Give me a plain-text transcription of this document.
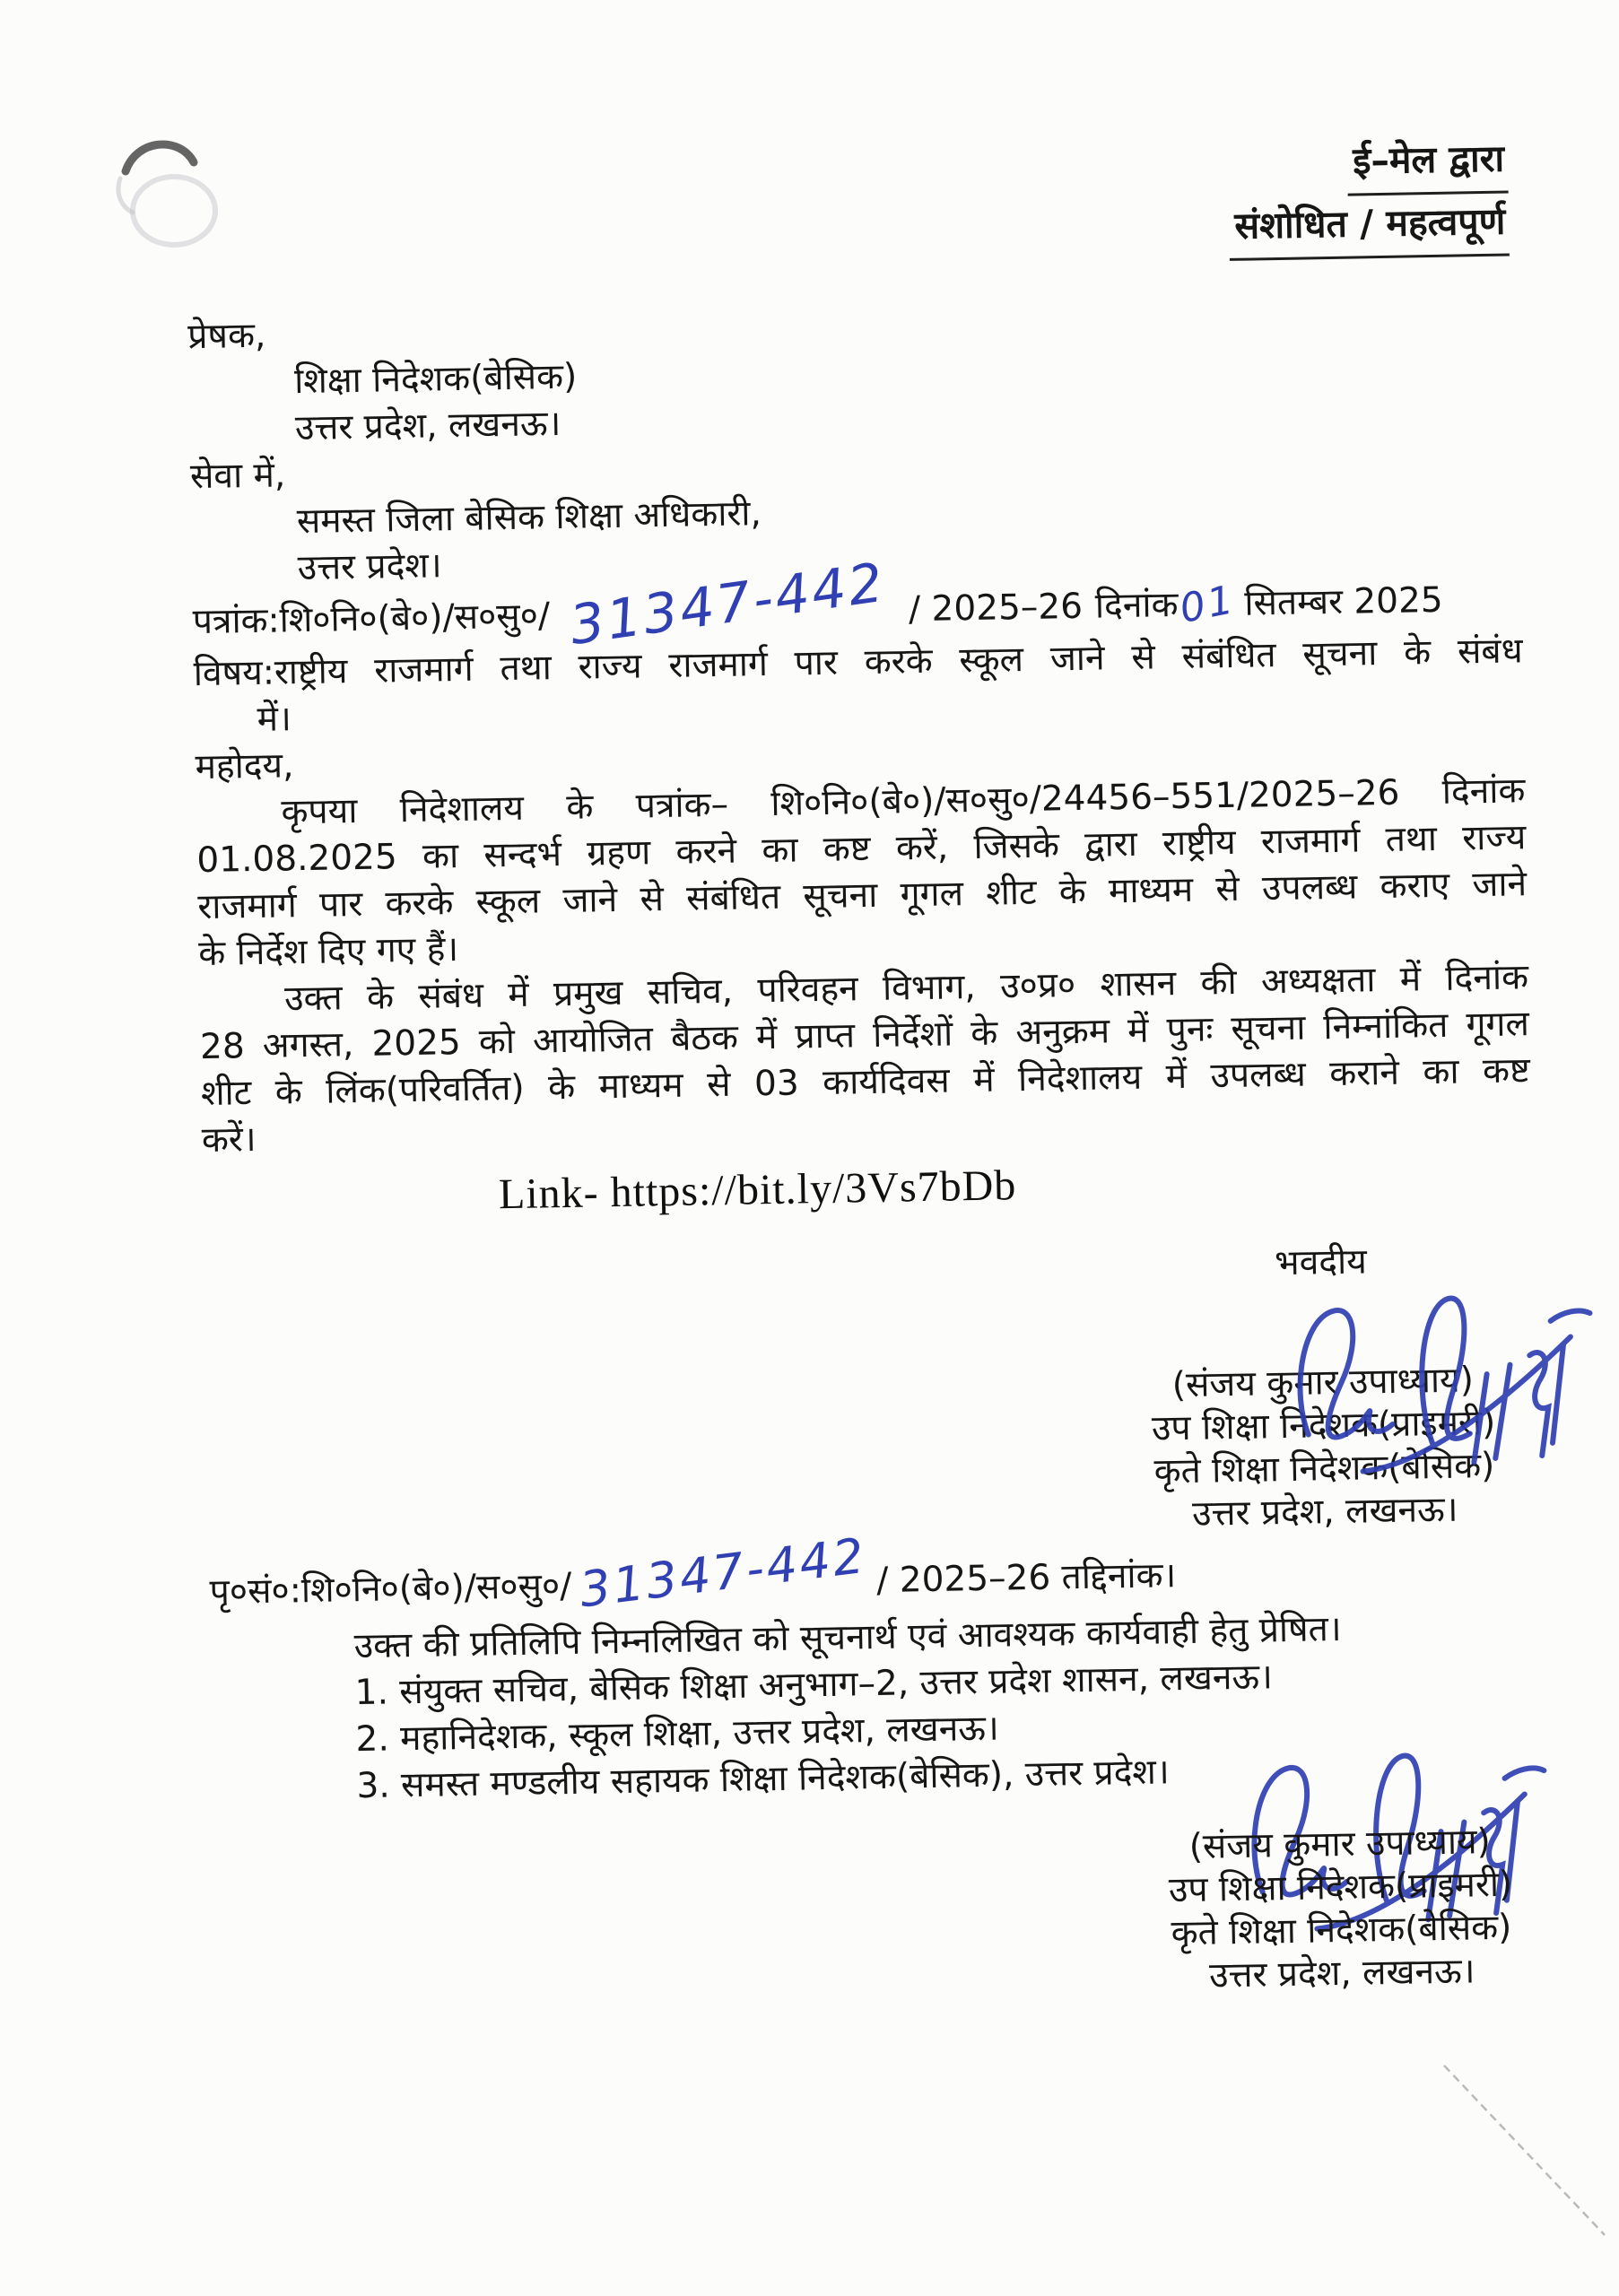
ई–मेल द्वारा
संशोधित / महत्वपूर्ण
प्रेषक,
शिक्षा निदेशक(बेसिक)
उत्तर प्रदेश, लखनऊ।
सेवा में,
समस्त जिला बेसिक शिक्षा अधिकारी,
उत्तर प्रदेश।
पत्रांक:शि०नि०(बे०)/स०सु०/ 31347-442 / 2025–26 दिनांक
01 सितम्बर 2025
विषय:राष्ट्रीय राजमार्ग तथा राज्य राजमार्ग पार करके स्कूल जाने से संबंधित सूचना के संबंध
में।
महोदय,
कृपया निदेशालय के पत्रांक– शि०नि०(बे०)/स०सु०/24456–551/2025–26 दिनांक
01.08.2025 का सन्दर्भ ग्रहण करने का कष्ट करें, जिसके द्वारा राष्ट्रीय राजमार्ग तथा राज्य
राजमार्ग पार करके स्कूल जाने से संबंधित सूचना गूगल शीट के माध्यम से उपलब्ध कराए जाने
के निर्देश दिए गए हैं।
उक्त के संबंध में प्रमुख सचिव, परिवहन विभाग, उ०प्र० शासन की अध्यक्षता में दिनांक
28 अगस्त, 2025 को आयोजित बैठक में प्राप्त निर्देशों के अनुक्रम में पुनः सूचना निम्नांकित गूगल
शीट के लिंक(परिवर्तित) के माध्यम से 03 कार्यदिवस में निदेशालय में उपलब्ध कराने का कष्ट
करें।
Link- https://bit.ly/3Vs7bDb
भवदीय
(संजय कुमार उपाध्याय)
उप शिक्षा निदेशक(प्राइमरी)
कृते शिक्षा निदेशक(बेसिक)
उत्तर प्रदेश, लखनऊ।
पृ०सं०:शि०नि०(बे०)/स०सु०/ 31347-442 / 2025–26 तद्दिनांक।
उक्त की प्रतिलिपि निम्नलिखित को सूचनार्थ एवं आवश्यक कार्यवाही हेतु प्रेषित।
1. संयुक्त सचिव, बेसिक शिक्षा अनुभाग–2, उत्तर प्रदेश शासन, लखनऊ।
2. महानिदेशक, स्कूल शिक्षा, उत्तर प्रदेश, लखनऊ।
3. समस्त मण्डलीय सहायक शिक्षा निदेशक(बेसिक), उत्तर प्रदेश।
(संजय कुमार उपाध्याय)
उप शिक्षा निदेशक(प्राइमरी)
कृते शिक्षा निदेशक(बेसिक)
उत्तर प्रदेश, लखनऊ।
